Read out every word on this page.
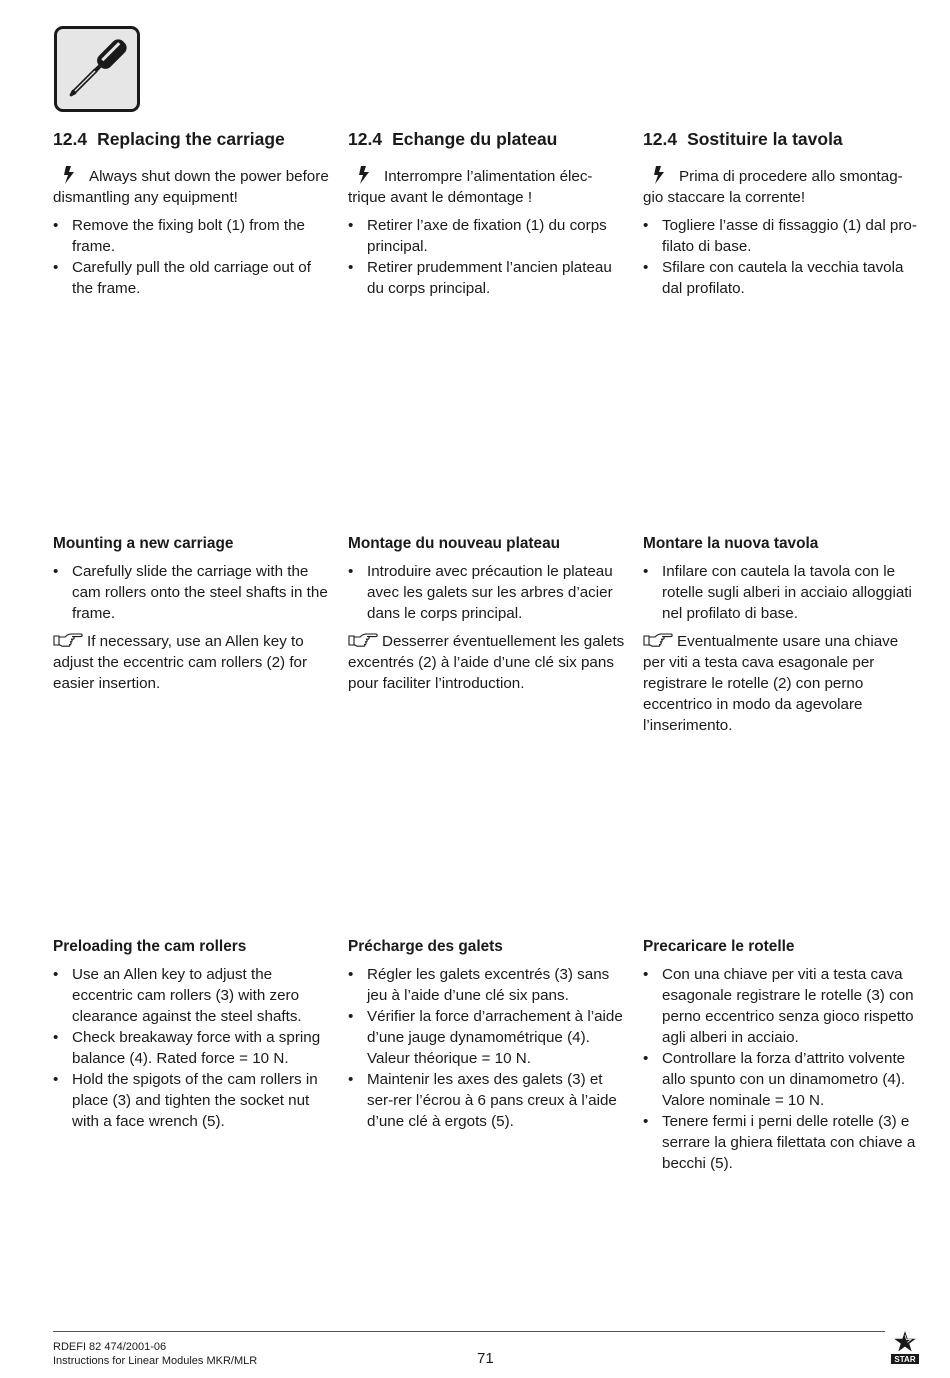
12.4 Replacing the carriage
Always shut down the power before dismantling any equipment!
• Remove the fixing bolt (1) from the frame.
• Carefully pull the old carriage out of the frame.
12.4 Echange du plateau
Interrompre l’alimentation élec-trique avant le démontage !
• Retirer l’axe de fixation (1) du corps principal.
• Retirer prudemment l’ancien plateau du corps principal.
12.4 Sostituire la tavola
Prima di procedere allo smontag-gio staccare la corrente!
• Togliere l’asse di fissaggio (1) dal pro-filato di base.
• Sfilare con cautela la vecchia tavola dal profilato.
Mounting a new carriage
• Carefully slide the carriage with the cam rollers onto the steel shafts in the frame.
If necessary, use an Allen key to adjust the eccentric cam rollers (2) for easier insertion.
Montage du nouveau plateau
• Introduire avec précaution le plateau avec les galets sur les arbres d’acier dans le corps principal.
Desserrer éventuellement les galets excentrés (2) à l’aide d’une clé six pans pour faciliter l’introduction.
Montare la nuova tavola
• Infilare con cautela la tavola con le rotelle sugli alberi in acciaio alloggiati nel profilato di base.
Eventualmente usare una chiave per viti a testa cava esagonale per registrare le rotelle (2) con perno eccentrico in modo da agevolare l’inserimento.
Preloading the cam rollers
• Use an Allen key to adjust the eccentric cam rollers (3) with zero clearance against the steel shafts.
• Check breakaway force with a spring balance (4). Rated force = 10 N.
• Hold the spigots of the cam rollers in place (3) and tighten the socket nut with a face wrench (5).
Précharge des galets
• Régler les galets excentrés (3) sans jeu à l’aide d’une clé six pans.
• Vérifier la force d’arrachement à l’aide d’une jauge dynamométrique (4). Valeur théorique = 10 N.
• Maintenir les axes des galets (3) et ser-rer l’écrou à 6 pans creux à l’aide d’une clé à ergots (5).
Precaricare le rotelle
• Con una chiave per viti a testa cava esagonale registrare le rotelle (3) con perno eccentrico senza gioco rispetto agli alberi in acciaio.
• Controllare la forza d’attrito volvente allo spunto con un dinamometro (4). Valore nominale = 10 N.
• Tenere fermi i perni delle rotelle (3) e serrare la ghiera filettata con chiave a becchi (5).
RDEFI 82 474/2001-06
Instructions for Linear Modules MKR/MLR	71	STAR
